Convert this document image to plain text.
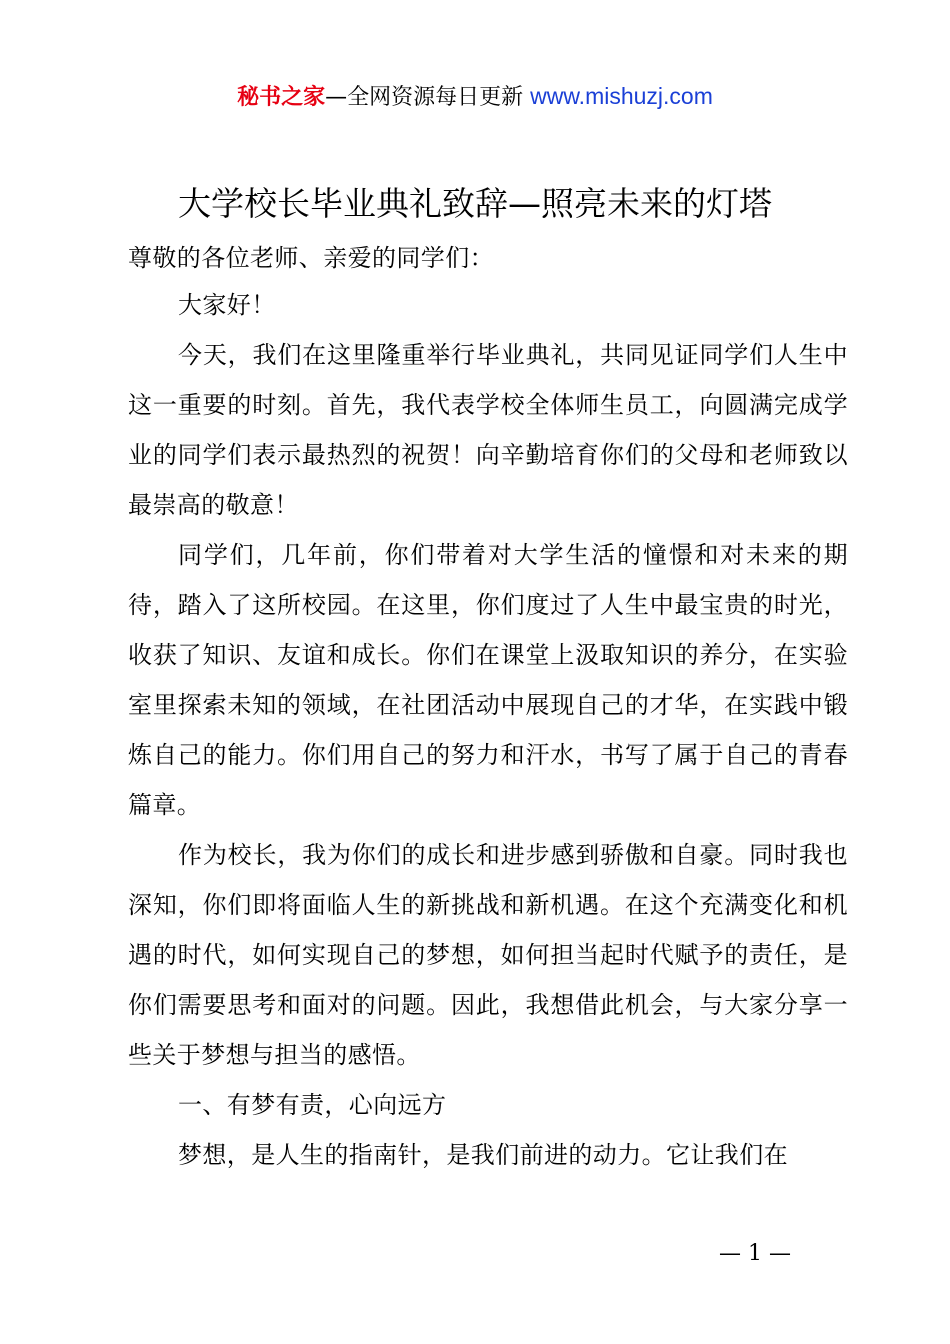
秘书之家—全网资源每日更新 www.mishuzj.com
大学校长毕业典礼致辞—照亮未来的灯塔
尊敬的各位老师、亲爱的同学们：

大家好！

今天，我们在这里隆重举行毕业典礼，共同见证同学们人生中这一重要的时刻。首先，我代表学校全体师生员工，向圆满完成学业的同学们表示最热烈的祝贺！向辛勤培育你们的父母和老师致以最崇高的敬意！

同学们，几年前，你们带着对大学生活的憧憬和对未来的期待，踏入了这所校园。在这里，你们度过了人生中最宝贵的时光，收获了知识、友谊和成长。你们在课堂上汲取知识的养分，在实验室里探索未知的领域，在社团活动中展现自己的才华，在实践中锻炼自己的能力。你们用自己的努力和汗水，书写了属于自己的青春篇章。

作为校长，我为你们的成长和进步感到骄傲和自豪。同时我也深知，你们即将面临人生的新挑战和新机遇。在这个充满变化和机遇的时代，如何实现自己的梦想，如何担当起时代赋予的责任，是你们需要思考和面对的问题。因此，我想借此机会，与大家分享一些关于梦想与担当的感悟。

一、有梦有责，心向远方

梦想，是人生的指南针，是我们前进的动力。它让我们在

— 1 —
